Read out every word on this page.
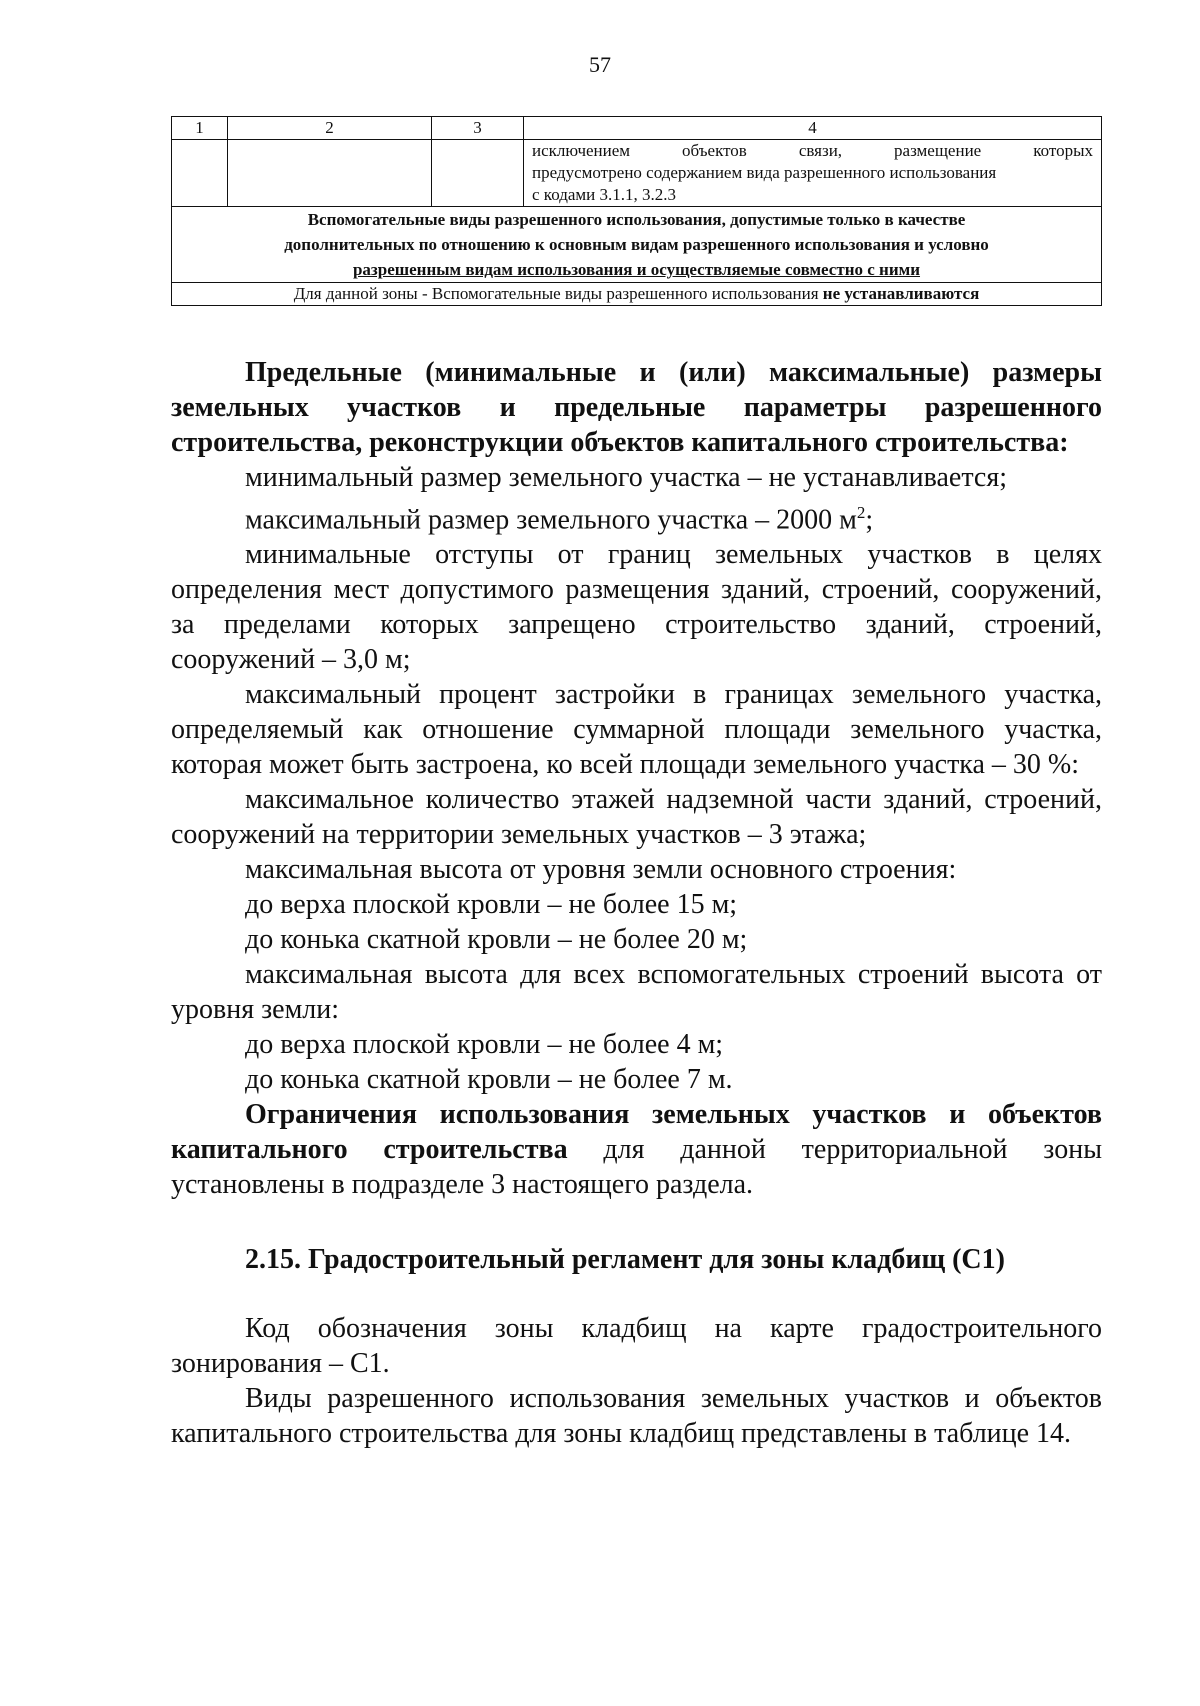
57
1	2	3	4

			исключением объектов связи, размещение которых
предусмотрено содержанием вида разрешенного использования
с кодами 3.1.1, 3.2.3

Вспомогательные виды разрешенного использования, допустимые только в качестве
дополнительных по отношению к основным видам разрешенного использования и условно
разрешенным видам использования и осуществляемые совместно с ними			

Для данной зоны - Вспомогательные виды разрешенного использования не устанавливаются			

Предельные (минимальные и (или) максимальные) размеры земельных участков и предельные параметры разрешенного строительства, реконструкции объектов капитального строительства:

минимальный размер земельного участка – не устанавливается;

максимальный размер земельного участка – 2000 $м^2$;

минимальные отступы от границ земельных участков в целях определения мест допустимого размещения зданий, строений, сооружений, за пределами которых запрещено строительство зданий, строений, сооружений – 3,0 м;

максимальный процент застройки в границах земельного участка, определяемый как отношение суммарной площади земельного участка, которая может быть застроена, ко всей площади земельного участка – 30 %:

максимальное количество этажей надземной части зданий, строений, сооружений на территории земельных участков – 3 этажа;

максимальная высота от уровня земли основного строения:

до верха плоской кровли – не более 15 м;

до конька скатной кровли – не более 20 м;

максимальная высота для всех вспомогательных строений высота от уровня земли:

до верха плоской кровли – не более 4 м;

до конька скатной кровли – не более 7 м.

Ограничения использования земельных участков и объектов капитального строительства для данной территориальной зоны установлены в подразделе 3 настоящего раздела.

2.15. Градостроительный регламент для зоны кладбищ (С1)

Код обозначения зоны кладбищ на карте градостроительного зонирования – С1.

Виды разрешенного использования земельных участков и объектов капитального строительства для зоны кладбищ представлены в таблице 14.
